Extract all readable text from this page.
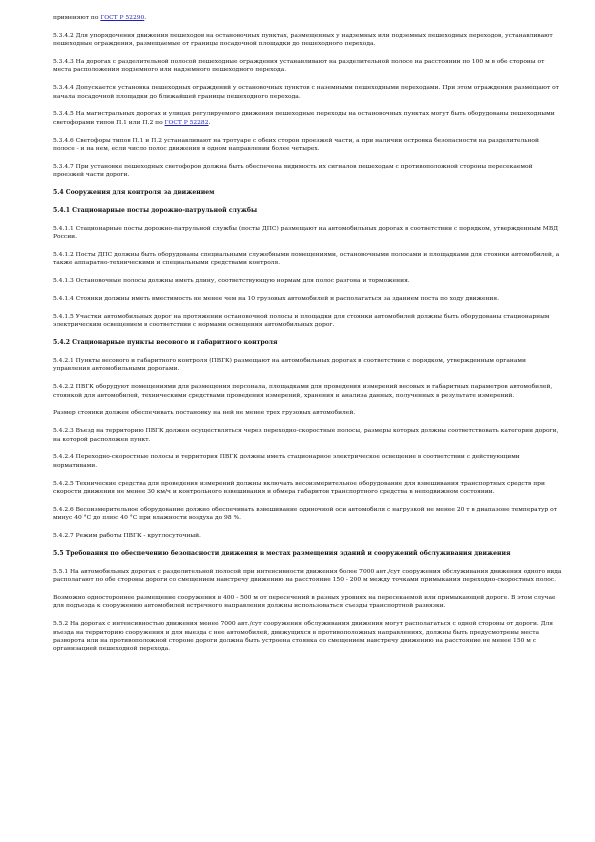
применяют по ГОСТ Р 52290.
5.3.4.2 Для упорядочения движения пешеходов на остановочных пунктах, размещенных у надземных или подземных пешеходных переходов, устанавливают пешеходные ограждения, размещаемые от границы посадочной площадки до пешеходного перехода.
5.3.4.3 На дорогах с разделительной полосой пешеходные ограждения устанавливают на разделительной полосе на расстоянии по 100 м в обе стороны от места расположения подземного или надземного пешеходного перехода.
5.3.4.4 Допускается установка пешеходных ограждений у остановочных пунктов с наземными пешеходными переходами. При этом ограждения размещают от начала посадочной площадки до ближайшей границы пешеходного перехода.
5.3.4.5 На магистральных дорогах и улицах регулируемого движения пешеходные переходы на остановочных пунктах могут быть оборудованы пешеходными светофорами типов П.1 или П.2 по ГОСТ Р 52282.
5.3.4.6 Светофоры типов П.1 и П.2 устанавливают на тротуаре с обеих сторон проезжей части, а при наличии островка безопасности на разделительной полосе - и на нем, если число полос движения в одном направлении более четырех.
5.3.4.7 При установке пешеходных светофоров должна быть обеспечена видимость их сигналов пешеходам с противоположной стороны пересекаемой проезжей части дороги.
5.4 Сооружения для контроля за движением
5.4.1 Стационарные посты дорожно-патрульной службы
5.4.1.1 Стационарные посты дорожно-патрульной службы (посты ДПС) размещают на автомобильных дорогах в соответствии с порядком, утвержденным МВД России.
5.4.1.2 Посты ДПС должны быть оборудованы специальными служебными помещениями, остановочными полосами и площадками для стоянки автомобилей, а также аппаратно-техническими и специальными средствами контроля.
5.4.1.3 Остановочные полосы должны иметь длину, соответствующую нормам для полос разгона и торможения.
5.4.1.4 Стоянки должны иметь вместимость не менее чем на 10 грузовых автомобилей и располагаться за зданием поста по ходу движения.
5.4.1.5 Участки автомобильных дорог на протяжении остановочной полосы и площадки для стоянки автомобилей должны быть оборудованы стационарным электрическим освещением в соответствии с нормами освещения автомобильных дорог.
5.4.2 Стационарные пункты весового и габаритного контроля
5.4.2.1 Пункты весового и габаритного контроля (ПВГК) размещают на автомобильных дорогах в соответствии с порядком, утвержденным органами управления автомобильными дорогами.
5.4.2.2 ПВГК оборудуют помещениями для размещения персонала, площадками для проведения измерений весовых и габаритных параметров автомобилей, стоянкой для автомобилей, техническими средствами проведения измерений, хранения и анализа данных, полученных в результате измерений.
Размер стоянки должен обеспечивать постановку на ней не менее трех грузовых автомобилей.
5.4.2.3 Въезд на территорию ПВГК должен осуществляться через переходно-скоростные полосы, размеры которых должны соответствовать категории дороги, на которой расположен пункт.
5.4.2.4 Переходно-скоростные полосы и территория ПВГК должны иметь стационарное электрическое освещение в соответствии с действующими нормативами.
5.4.2.5 Технические средства для проведения измерений должны включать весоизмерительное оборудование для взвешивания транспортных средств при скорости движения не менее 30 км/ч и контрольного взвешивания и обмера габаритов транспортного средства в неподвижном состоянии.
5.4.2.6 Весоизмерительное оборудование должно обеспечивать взвешивание одиночной оси автомобиля с нагрузкой не менее 20 т в диапазоне температур от минус 40 °С до плюс 40 °С при влажности воздуха до 98 %.
5.4.2.7 Режим работы ПВГК - круглосуточный.
5.5 Требования по обеспечению безопасности движения в местах размещения зданий и сооружений обслуживания движения
5.5.1 На автомобильных дорогах с разделительной полосой при интенсивности движения более 7000 авт./сут сооружения обслуживания движения одного вида располагают по обе стороны дороги со смещением навстречу движению на расстояние 150 - 200 м между точками примыкания переходно-скоростных полос.
Возможно одностороннее размещение сооружения в 400 - 500 м от пересечений в разных уровнях на пересекаемой или примыкающей дороге. В этом случае для подъезда к сооружению автомобилей встречного направления должны использоваться съезды транспортной развязки.
5.5.2 На дорогах с интенсивностью движения менее 7000 авт./сут сооружения обслуживания движения могут располагаться с одной стороны от дороги. Для въезда на территорию сооружения и для выезда с нее автомобилей, движущихся в противоположных направлениях, должны быть предусмотрены места разворота или на противоположной стороне дороги должна быть устроена стоянка со смещением навстречу движению на расстояние не менее 150 м с организацией пешеходной перехода.
